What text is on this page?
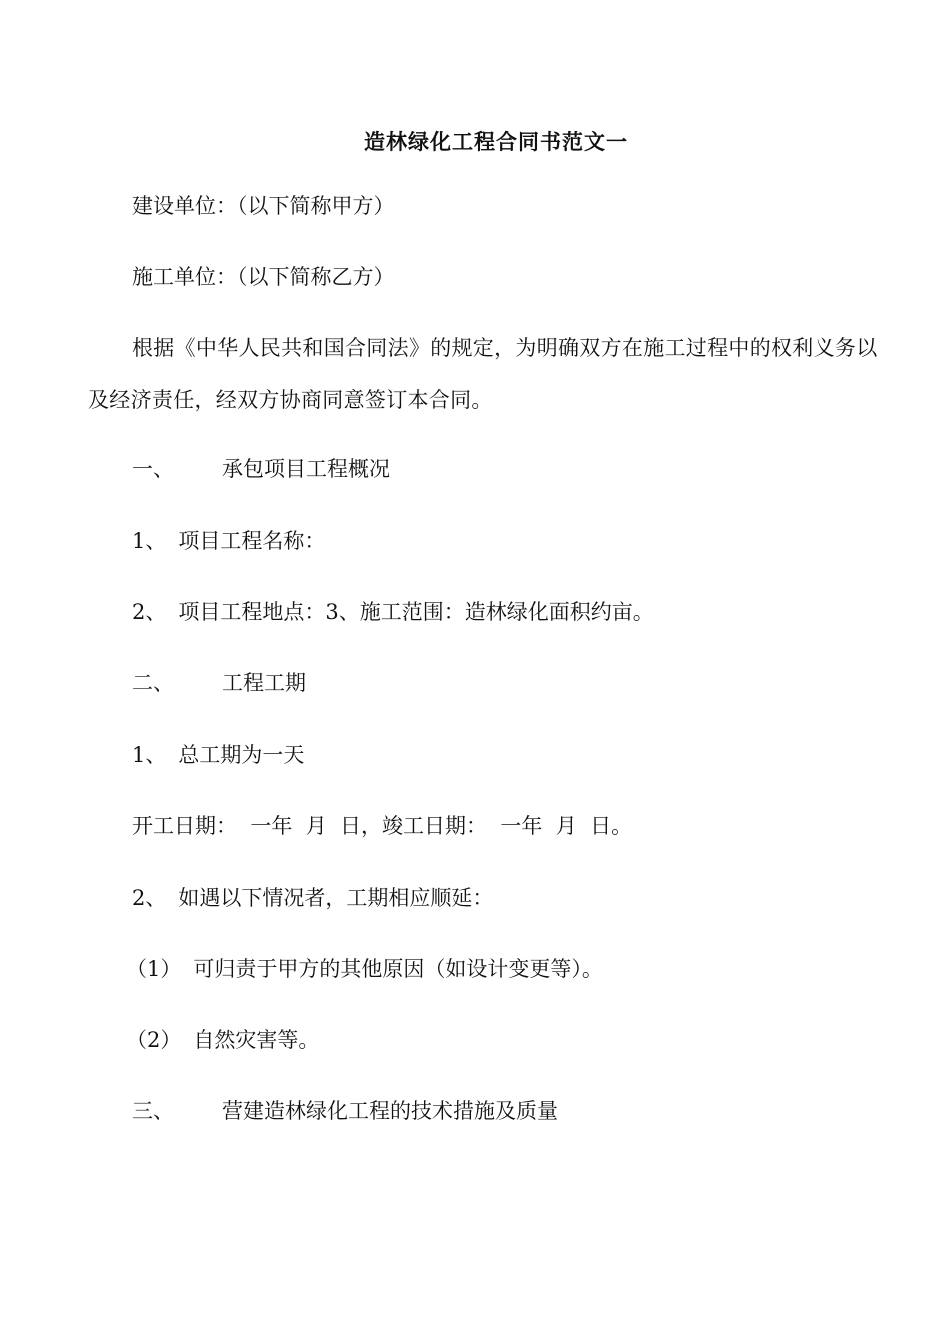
造林绿化工程合同书范文一
建设单位：（以下简称甲方）
施工单位：（以下简称乙方）
根据《中华人民共和国合同法》的规定，为明确双方在施工过程中的权利义务以及经济责任，经双方协商同意签订本合同。
一、 承包项目工程概况
1、 项目工程名称：
2、 项目工程地点：3、施工范围：造林绿化面积约亩。
二、 工程工期
1、 总工期为一天
开工日期：  一年  月  日，竣工日期：  一年  月  日。
2、 如遇以下情况者，工期相应顺延：
（1） 可归责于甲方的其他原因（如设计变更等）。
（2） 自然灾害等。
三、 营建造林绿化工程的技术措施及质量
